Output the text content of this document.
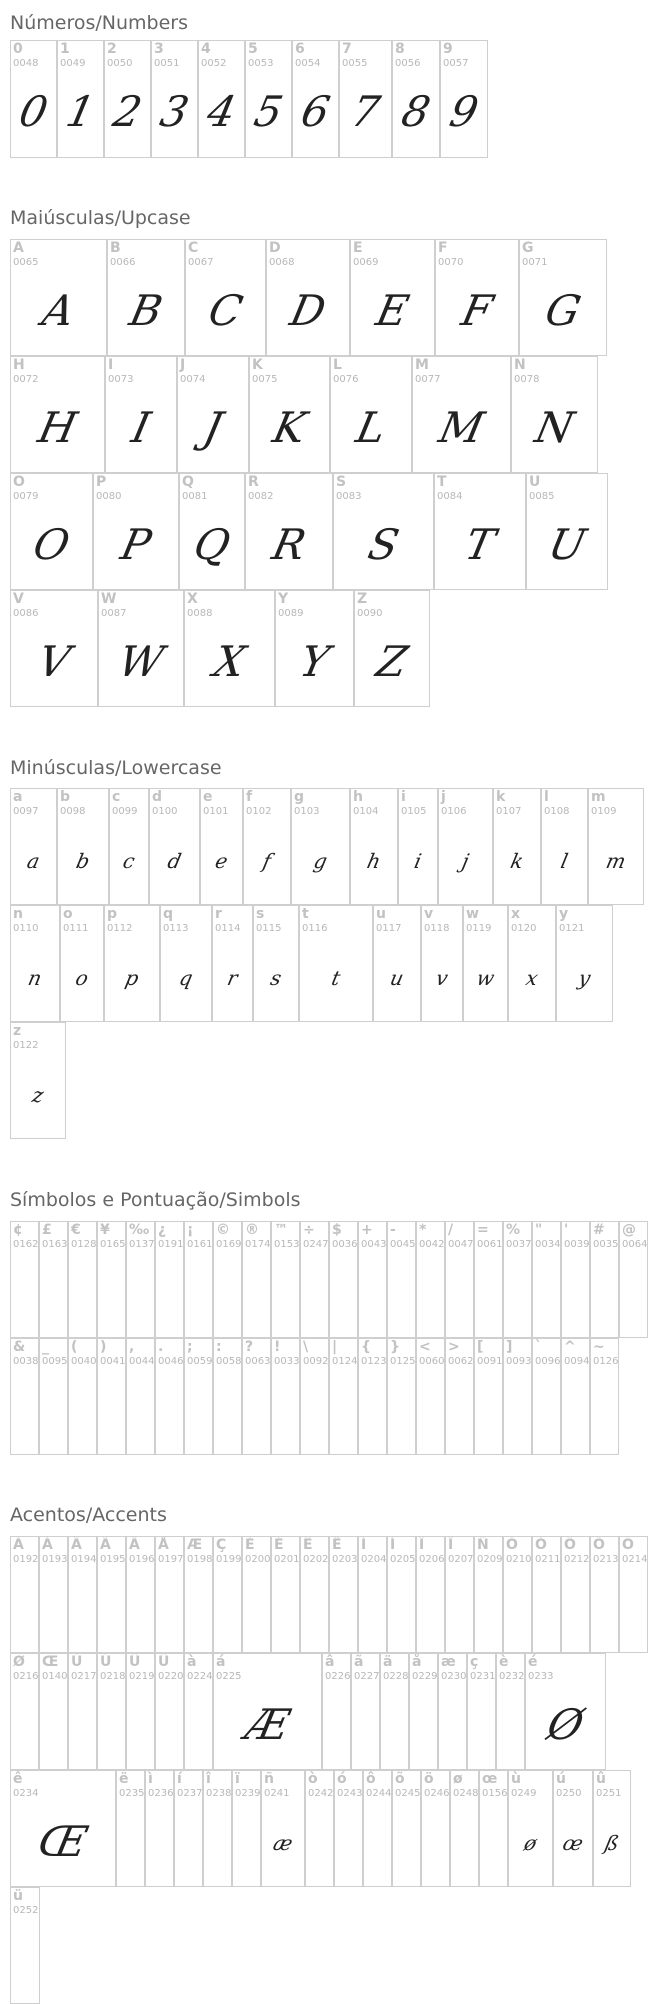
Números/Numbers
0
0048
0
1
0049
1
2
0050
2
3
0051
3
4
0052
4
5
0053
5
6
0054
6
7
0055
7
8
0056
8
9
0057
9
Maiúsculas/Upcase
A
0065
A
B
0066
B
C
0067
C
D
0068
D
E
0069
E
F
0070
F
G
0071
G
H
0072
H
I
0073
I
J
0074
J
K
0075
K
L
0076
L
M
0077
M
N
0078
N
O
0079
O
P
0080
P
Q
0081
Q
R
0082
R
S
0083
S
T
0084
T
U
0085
U
V
0086
V
W
0087
W
X
0088
X
Y
0089
Y
Z
0090
Z
Minúsculas/Lowercase
a
0097
a
b
0098
b
c
0099
c
d
0100
d
e
0101
e
f
0102
f
g
0103
g
h
0104
h
i
0105
i
j
0106
j
k
0107
k
l
0108
l
m
0109
m
n
0110
n
o
0111
o
p
0112
p
q
0113
q
r
0114
r
s
0115
s
t
0116
t
u
0117
u
v
0118
v
w
0119
w
x
0120
x
y
0121
y
z
0122
z
Símbolos e Pontuação/Simbols
¢
0162
£
0163
€
0128
¥
0165
‰
0137
¿
0191
¡
0161
©
0169
®
0174
™
0153
÷
0247
$
0036
+
0043
-
0045
*
0042
/
0047
=
0061
%
0037
"
0034
'
0039
#
0035
@
0064
&
0038
_
0095
(
0040
)
0041
,
0044
.
0046
;
0059
:
0058
?
0063
!
0033
\
0092
|
0124
{
0123
}
0125
<
0060
>
0062
[
0091
]
0093
`
0096
^
0094
~
0126
Acentos/Accents
À
0192
Á
0193
Â
0194
Ã
0195
Ä
0196
Å
0197
Æ
0198
Ç
0199
È
0200
É
0201
Ê
0202
Ë
0203
Ì
0204
Í
0205
Î
0206
Ï
0207
Ñ
0209
Ò
0210
Ó
0211
Ô
0212
Õ
0213
Ö
0214
Ø
0216
Œ
0140
Ù
0217
Ú
0218
Û
0219
Ü
0220
à
0224
á
0225
Æ
â
0226
ã
0227
ä
0228
å
0229
æ
0230
ç
0231
è
0232
é
0233
Ø
ê
0234
Œ
ë
0235
ì
0236
í
0237
î
0238
ï
0239
ñ
0241
æ
ò
0242
ó
0243
ô
0244
õ
0245
ö
0246
ø
0248
œ
0156
ù
0249
ø
ú
0250
œ
û
0251
ß
ü
0252
